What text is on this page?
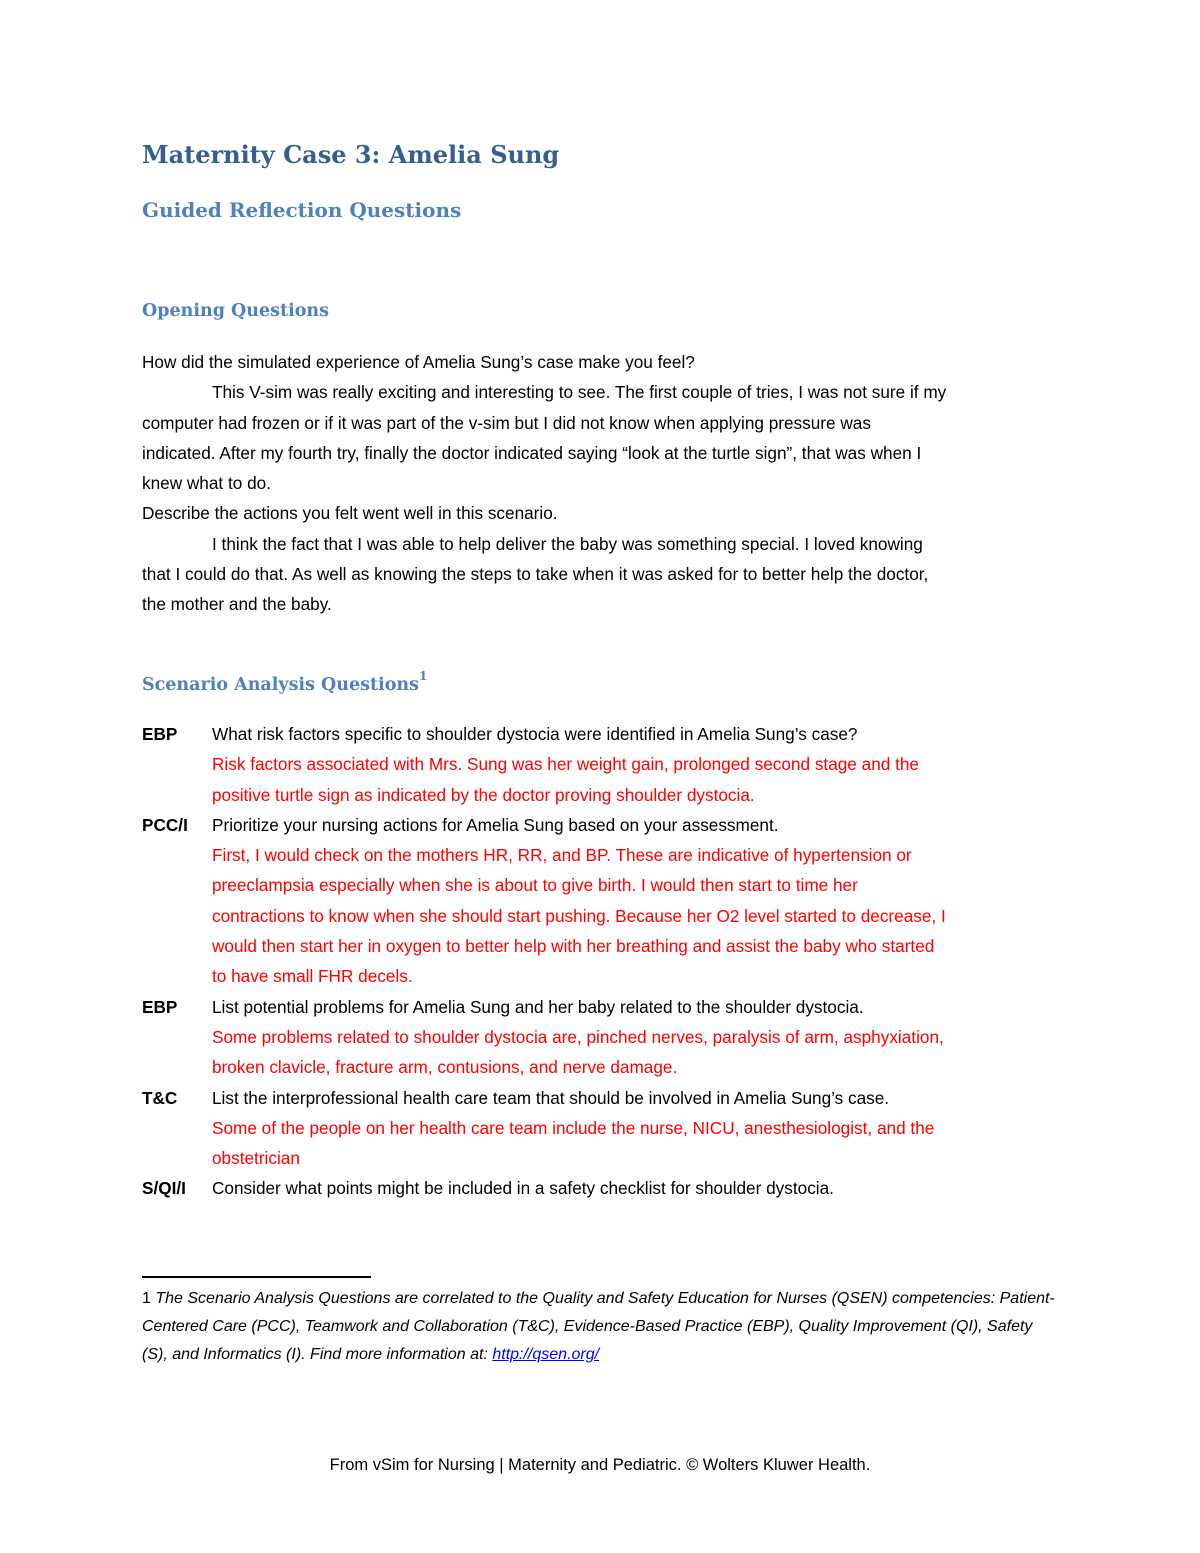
Maternity Case 3: Amelia Sung
Guided Reflection Questions
Opening Questions
How did the simulated experience of Amelia Sung’s case make you feel?
This V-sim was really exciting and interesting to see. The first couple of tries, I was not sure if my
computer had frozen or if it was part of the v-sim but I did not know when applying pressure was
indicated. After my fourth try, finally the doctor indicated saying “look at the turtle sign”, that was when I
knew what to do.
Describe the actions you felt went well in this scenario.
I think the fact that I was able to help deliver the baby was something special. I loved knowing
that I could do that. As well as knowing the steps to take when it was asked for to better help the doctor,
the mother and the baby.
Scenario Analysis Questions$^1$
EBP	What risk factors specific to shoulder dystocia were identified in Amelia Sung’s case?
Risk factors associated with Mrs. Sung was her weight gain, prolonged second stage and the
positive turtle sign as indicated by the doctor proving shoulder dystocia.
PCC/I	Prioritize your nursing actions for Amelia Sung based on your assessment.
First, I would check on the mothers HR, RR, and BP. These are indicative of hypertension or
preeclampsia especially when she is about to give birth. I would then start to time her
contractions to know when she should start pushing. Because her O2 level started to decrease, I
would then start her in oxygen to better help with her breathing and assist the baby who started
to have small FHR decels.
EBP	List potential problems for Amelia Sung and her baby related to the shoulder dystocia.
Some problems related to shoulder dystocia are, pinched nerves, paralysis of arm, asphyxiation,
broken clavicle, fracture arm, contusions, and nerve damage.
T&C	List the interprofessional health care team that should be involved in Amelia Sung’s case.
Some of the people on her health care team include the nurse, NICU, anesthesiologist, and the
obstetrician
S/QI/I	Consider what points might be included in a safety checklist for shoulder dystocia.
1 The Scenario Analysis Questions are correlated to the Quality and Safety Education for Nurses (QSEN) competencies: Patient-Centered Care (PCC), Teamwork and Collaboration (T&C), Evidence-Based Practice (EBP), Quality Improvement (QI), Safety (S), and Informatics (I). Find more information at: http://qsen.org/
From vSim for Nursing | Maternity and Pediatric. © Wolters Kluwer Health.
